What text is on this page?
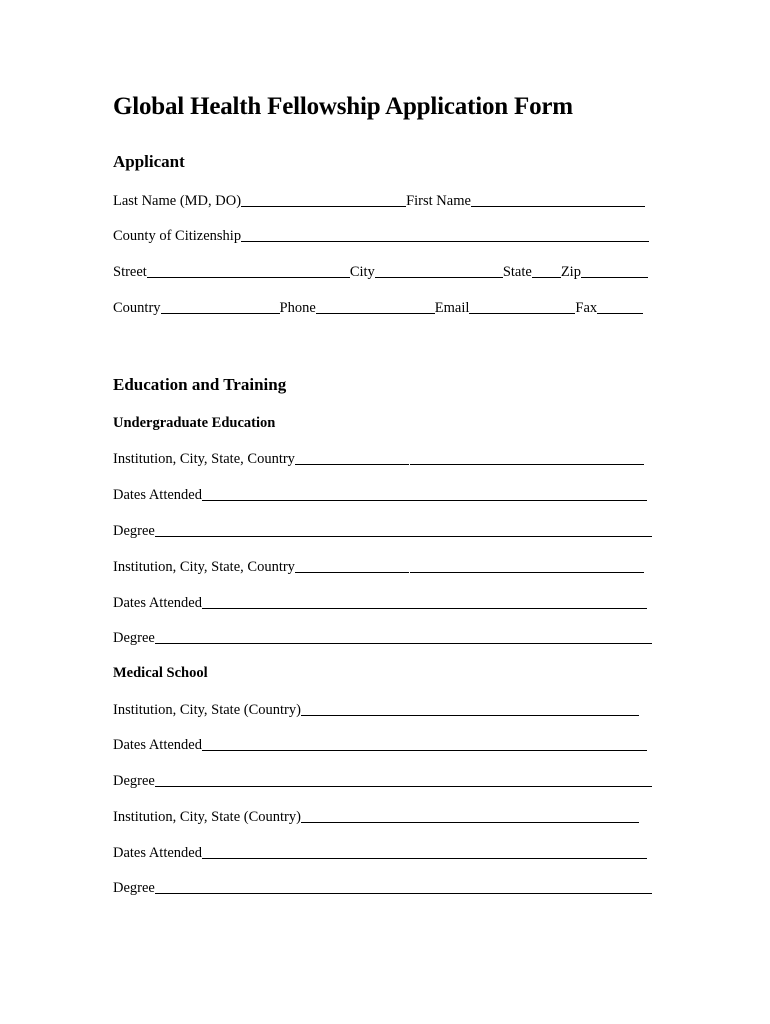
Global Health Fellowship Application Form
Applicant
Last Name (MD, DO)	First Name
County of Citizenship
Street	City	State Zip
Country	Phone	Email	Fax
Education and Training
Undergraduate Education
Institution, City, State, Country
Dates Attended
Degree
Institution, City, State, Country
Dates Attended
Degree
Medical School
Institution, City, State (Country)
Dates Attended
Degree
Institution, City, State (Country)
Dates Attended
Degree
